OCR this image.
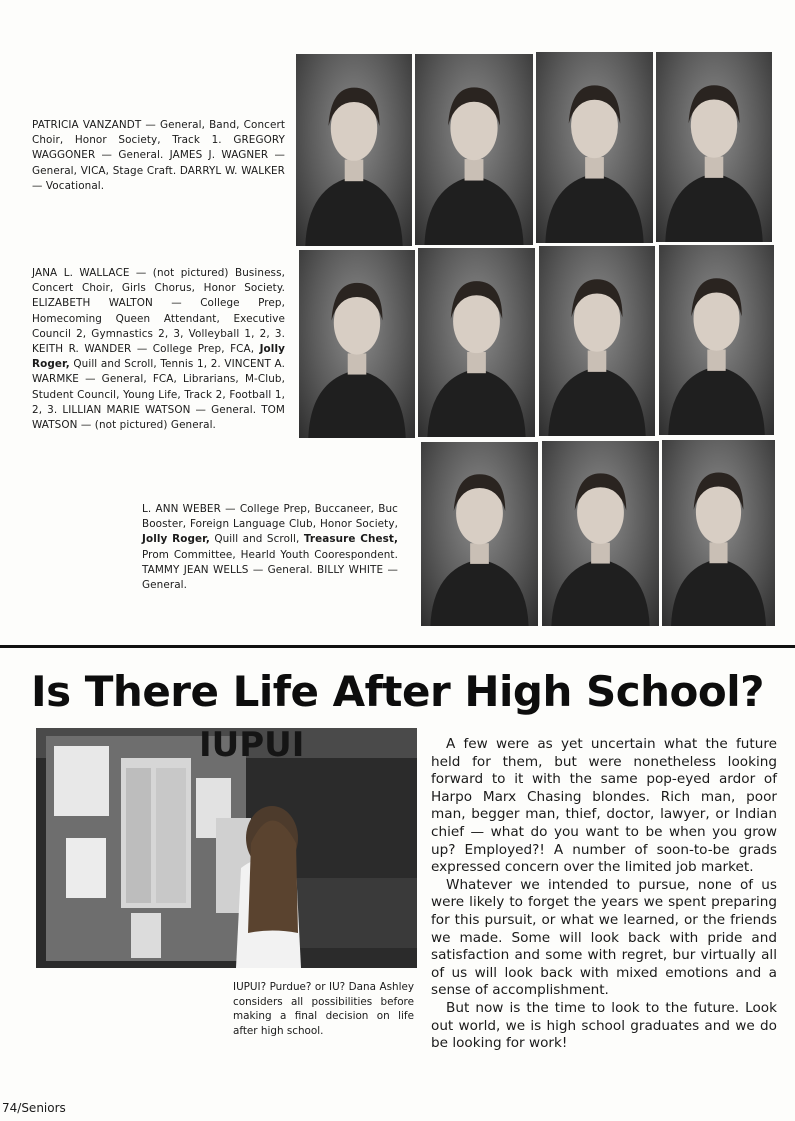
PATRICIA VANZANDT — General, Band, Concert Choir, Honor Society, Track 1. GREGORY WAGGONER — General. JAMES J. WAGNER — General, VICA, Stage Craft. DARRYL W. WALKER — Vocational.
JANA L. WALLACE — (not pictured) Business, Concert Choir, Girls Chorus, Honor Society. ELIZABETH WALTON — College Prep, Homecoming Queen Attendant, Executive Council 2, Gymnastics 2, 3, Volleyball 1, 2, 3. KEITH R. WANDER — College Prep, FCA, Jolly Roger, Quill and Scroll, Tennis 1, 2. VINCENT A. WARMKE — General, FCA, Librarians, M-Club, Student Council, Young Life, Track 2, Football 1, 2, 3. LILLIAN MARIE WATSON — General. TOM WATSON — (not pictured) General.
L. ANN WEBER — College Prep, Buccaneer, Buc Booster, Foreign Language Club, Honor Society, Jolly Roger, Quill and Scroll, Treasure Chest, Prom Committee, Hearld Youth Coorespondent. TAMMY JEAN WELLS — General. BILLY WHITE — General.
Is There Life After High School?
IUPUI
IUPUI? Purdue? or IU? Dana Ashley considers all possibilities before making a final decision on life after high school.

A few were as yet uncertain what the future held for them, but were nonetheless looking forward to it with the same pop-eyed ardor of Harpo Marx Chasing blondes. Rich man, poor man, begger man, thief, doctor, lawyer, or Indian chief — what do you want to be when you grow up? Employed?! A number of soon-to-be grads expressed concern over the limited job market.

Whatever we intended to pursue, none of us were likely to forget the years we spent preparing for this pursuit, or what we learned, or the friends we made. Some will look back with pride and satisfaction and some with regret, bur virtually all of us will look back with mixed emotions and a sense of accomplishment.

But now is the time to look to the future. Look out world, we is high school graduates and we do be looking for work!

74/Seniors
